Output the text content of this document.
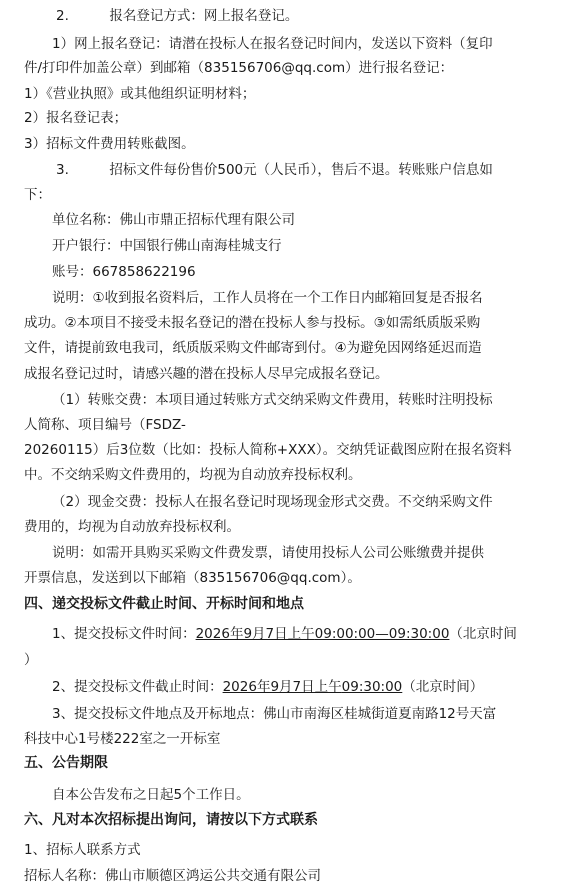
2.　　　报名登记方式：网上报名登记。
1）网上报名登记：请潜在投标人在报名登记时间内，发送以下资料（复印
件/打印件加盖公章）到邮箱（835156706@qq.com）进行报名登记：
1）《营业执照》或其他组织证明材料；
2）报名登记表；
3）招标文件费用转账截图。
3.　　　招标文件每份售价500元（人民币），售后不退。转账账户信息如
下：
单位名称：佛山市鼎正招标代理有限公司
开户银行：中国银行佛山南海桂城支行
账号：667858622196
说明：①收到报名资料后，工作人员将在一个工作日内邮箱回复是否报名
成功。②本项目不接受未报名登记的潜在投标人参与投标。③如需纸质版采购
文件，请提前致电我司，纸质版采购文件邮寄到付。④为避免因网络延迟而造
成报名登记过时，请感兴趣的潜在投标人尽早完成报名登记。
（1）转账交费：本项目通过转账方式交纳采购文件费用，转账时注明投标
人简称、项目编号（FSDZ-
20260115）后3位数（比如：投标人简称+XXX）。交纳凭证截图应附在报名资料
中。不交纳采购文件费用的，均视为自动放弃投标权利。
（2）现金交费：投标人在报名登记时现场现金形式交费。不交纳采购文件
费用的，均视为自动放弃投标权利。
说明：如需开具购买采购文件费发票，请使用投标人公司公账缴费并提供
开票信息，发送到以下邮箱（835156706@qq.com）。
四、递交投标文件截止时间、开标时间和地点
1、提交投标文件时间：2026年9月7日上午09:00:00—09:30:00（北京时间
）
2、提交投标文件截止时间：2026年9月7日上午09:30:00（北京时间）
3、提交投标文件地点及开标地点：佛山市南海区桂城街道夏南路12号天富
科技中心1号楼222室之一开标室
五、公告期限
自本公告发布之日起5个工作日。
六、凡对本次招标提出询问，请按以下方式联系
1、招标人联系方式
招标人名称：佛山市顺德区鸿运公共交通有限公司
